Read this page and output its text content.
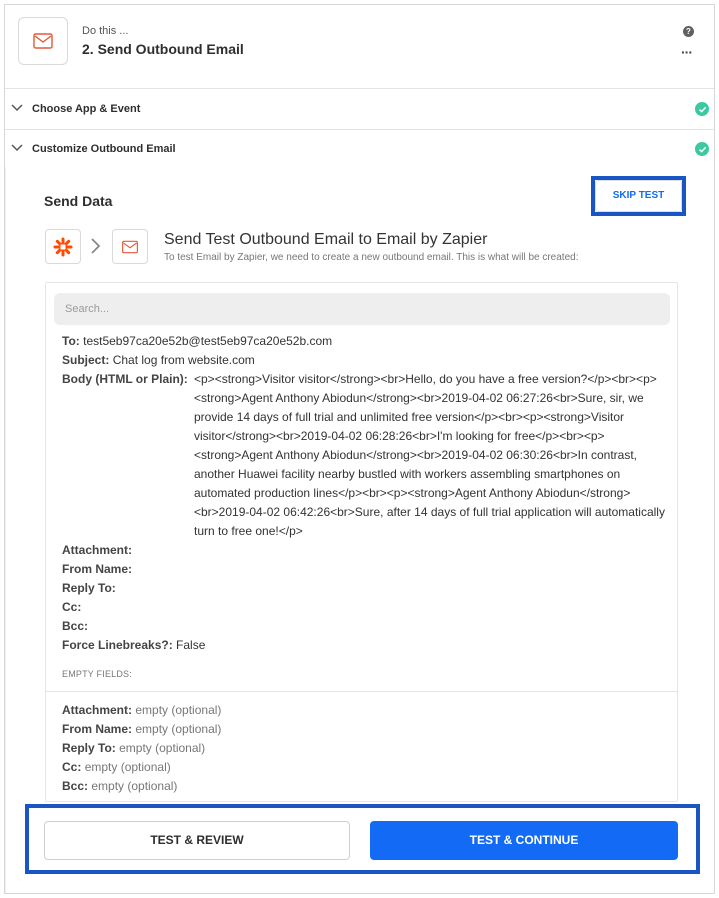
Do this ...
2. Send Outbound Email
?
···
Choose App & Event
Customize Outbound Email
Send Data
Send Test Outbound Email to Email by Zapier
To test Email by Zapier, we need to create a new outbound email. This is what will be created:
Search...
To: test5eb97ca20e52b@test5eb97ca20e52b.com
Subject: Chat log from website.com
Body (HTML or Plain): <p><strong>Visitor visitor</strong><br>Hello, do you have a free version?</p><br><p><strong>Agent Anthony Abiodun</strong><br>2019-04-02 06:27:26<br>Sure, sir, we provide 14 days of full trial and unlimited free version</p><br><p><strong>Visitor visitor</strong><br>2019-04-02 06:28:26<br>I'm looking for free</p><br><p><strong>Agent Anthony Abiodun</strong><br>2019-04-02 06:30:26<br>In contrast, another Huawei facility nearby bustled with workers assembling smartphones on automated production lines</p><br><p><strong>Agent Anthony Abiodun</strong><br>2019-04-02 06:42:26<br>Sure, after 14 days of full trial application will automatically turn to free one!</p>
Attachment:
From Name:
Reply To:
Cc:
Bcc:
Force Linebreaks?: False
EMPTY FIELDS:
Attachment: empty (optional)
From Name: empty (optional)
Reply To: empty (optional)
Cc: empty (optional)
Bcc: empty (optional)
TEST & REVIEW	TEST & CONTINUE
SKIP TEST
